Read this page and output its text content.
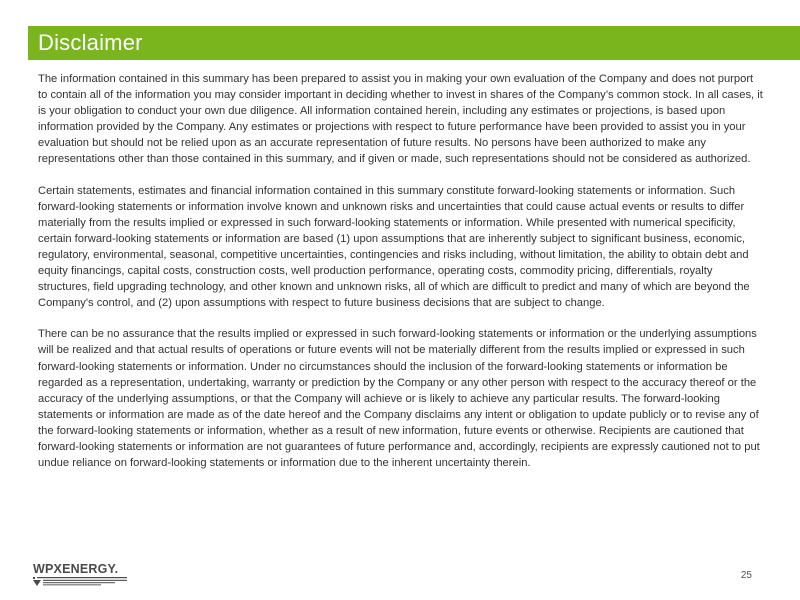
Disclaimer

The information contained in this summary has been prepared to assist you in making your own evaluation of the Company and does not purport to contain all of the information you may consider important in deciding whether to invest in shares of the Company’s common stock. In all cases, it is your obligation to conduct your own due diligence. All information contained herein, including any estimates or projections, is based upon information provided by the Company. Any estimates or projections with respect to future performance have been provided to assist you in your evaluation but should not be relied upon as an accurate representation of future results. No persons have been authorized to make any representations other than those contained in this summary, and if given or made, such representations should not be considered as authorized.

Certain statements, estimates and financial information contained in this summary constitute forward-looking statements or information. Such forward-looking statements or information involve known and unknown risks and uncertainties that could cause actual events or results to differ materially from the results implied or expressed in such forward-looking statements or information. While presented with numerical specificity, certain forward-looking statements or information are based (1) upon assumptions that are inherently subject to significant business, economic, regulatory, environmental, seasonal, competitive uncertainties, contingencies and risks including, without limitation, the ability to obtain debt and equity financings, capital costs, construction costs, well production performance, operating costs, commodity pricing, differentials, royalty structures, field upgrading technology, and other known and unknown risks, all of which are difficult to predict and many of which are beyond the Company's control, and (2) upon assumptions with respect to future business decisions that are subject to change.

There can be no assurance that the results implied or expressed in such forward-looking statements or information or the underlying assumptions will be realized and that actual results of operations or future events will not be materially different from the results implied or expressed in such forward-looking statements or information. Under no circumstances should the inclusion of the forward-looking statements or information be regarded as a representation, undertaking, warranty or prediction by the Company or any other person with respect to the accuracy thereof or the accuracy of the underlying assumptions, or that the Company will achieve or is likely to achieve any particular results. The forward-looking statements or information are made as of the date hereof and the Company disclaims any intent or obligation to update publicly or to revise any of the forward-looking statements or information, whether as a result of new information, future events or otherwise. Recipients are cautioned that forward-looking statements or information are not guarantees of future performance and, accordingly, recipients are expressly cautioned not to put undue reliance on forward-looking statements or information due to the inherent uncertainty therein.

WPXENERGY.	25
